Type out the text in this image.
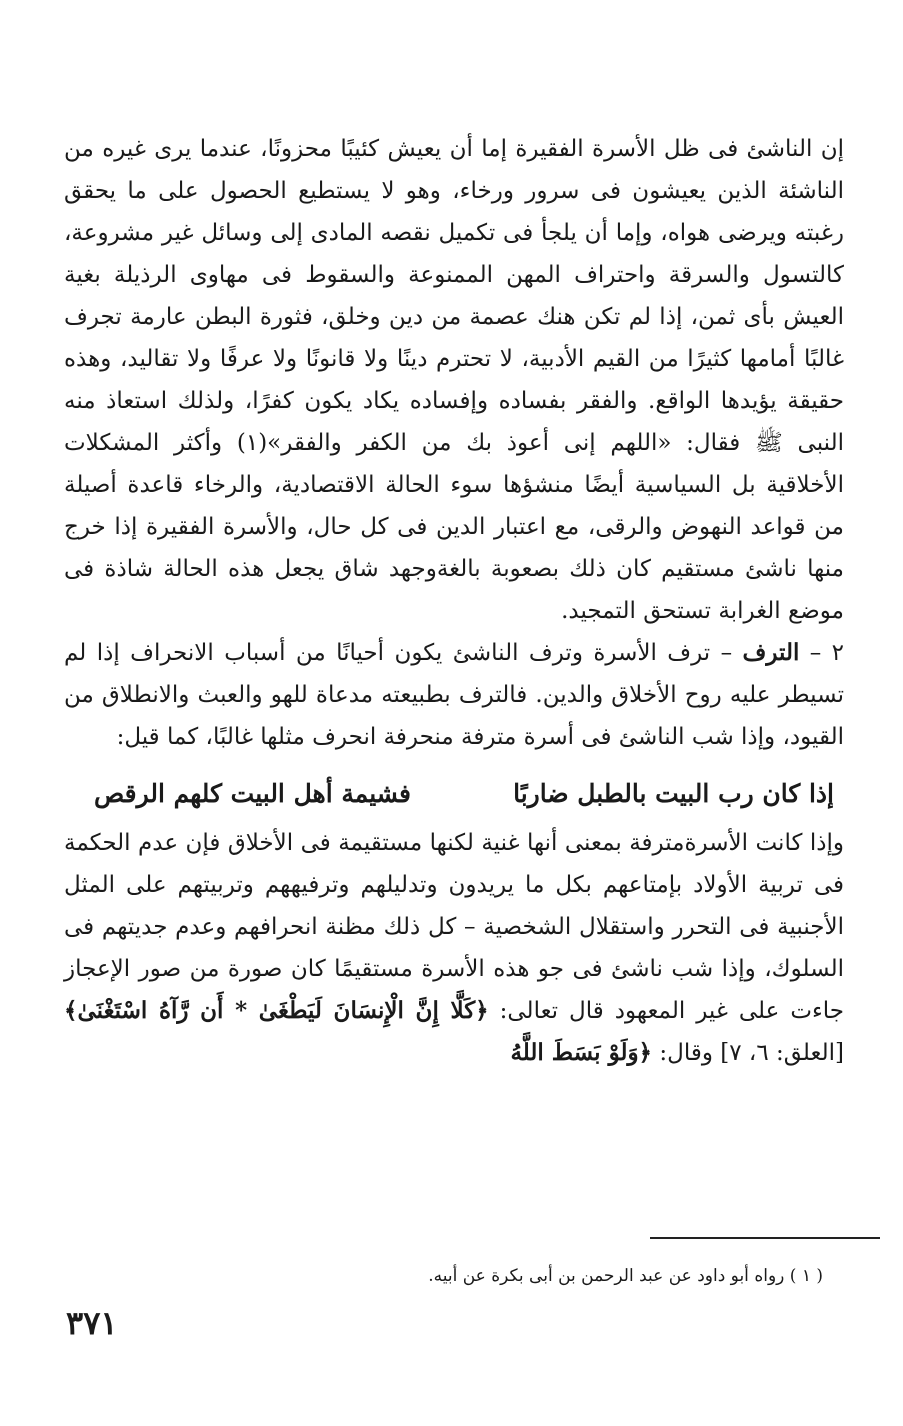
إن الناشئ فى ظل الأسرة الفقيرة إما أن يعيش كئيبًا محزونًا، عندما يرى غيره من الناشئة الذين يعيشون فى سرور ورخاء، وهو لا يستطيع الحصول على ما يحقق رغبته ويرضى هواه، وإما أن يلجأ فى تكميل نقصه المادى إلى وسائل غير مشروعة، كالتسول والسرقة واحتراف المهن الممنوعة والسقوط فى مهاوى الرذيلة بغية العيش بأى ثمن، إذا لم تكن هنك عصمة من دين وخلق، فثورة البطن عارمة تجرف غالبًا أمامها كثيرًا من القيم الأدبية، لا تحترم دينًا ولا قانونًا ولا عرفًا ولا تقاليد، وهذه حقيقة يؤيدها الواقع. والفقر بفساده وإفساده يكاد يكون كفرًا، ولذلك استعاذ منه النبى ﷺ فقال: «اللهم إنى أعوذ بك من الكفر والفقر»(١) وأكثر المشكلات الأخلاقية بل السياسية أيضًا منشؤها سوء الحالة الاقتصادية، والرخاء قاعدة أصيلة من قواعد النهوض والرقى، مع اعتبار الدين فى كل حال، والأسرة الفقيرة إذا خرج منها ناشئ مستقيم كان ذلك بصعوبة بالغةوجهد شاق يجعل هذه الحالة شاذة فى موضع الغرابة تستحق التمجيد.

٢ – الترف – ترف الأسرة وترف الناشئ يكون أحيانًا من أسباب الانحراف إذا لم تسيطر عليه روح الأخلاق والدين. فالترف بطبيعته مدعاة للهو والعبث والانطلاق من القيود، وإذا شب الناشئ فى أسرة مترفة منحرفة انحرف مثلها غالبًا، كما قيل:

إذا كان رب البيت بالطبل ضاربًا
فشيمة أهل البيت كلهم الرقص

وإذا كانت الأسرةمترفة بمعنى أنها غنية لكنها مستقيمة فى الأخلاق فإن عدم الحكمة فى تربية الأولاد بإمتاعهم بكل ما يريدون وتدليلهم وترفيههم وتربيتهم على المثل الأجنبية فى التحرر واستقلال الشخصية – كل ذلك مظنة انحرافهم وعدم جديتهم فى السلوك، وإذا شب ناشئ فى جو هذه الأسرة مستقيمًا كان صورة من صور الإعجاز جاءت على غير المعهود قال تعالى: ﴿كَلَّا إِنَّ الْإِنسَانَ لَيَطْغَىٰ * أَن رَّآهُ اسْتَغْنَىٰ﴾ [العلق: ٦، ٧] وقال: ﴿وَلَوْ بَسَطَ اللَّهُ

( ١ ) رواه أبو داود عن عبد الرحمن بن أبى بكرة عن أبيه.
٣٧١
